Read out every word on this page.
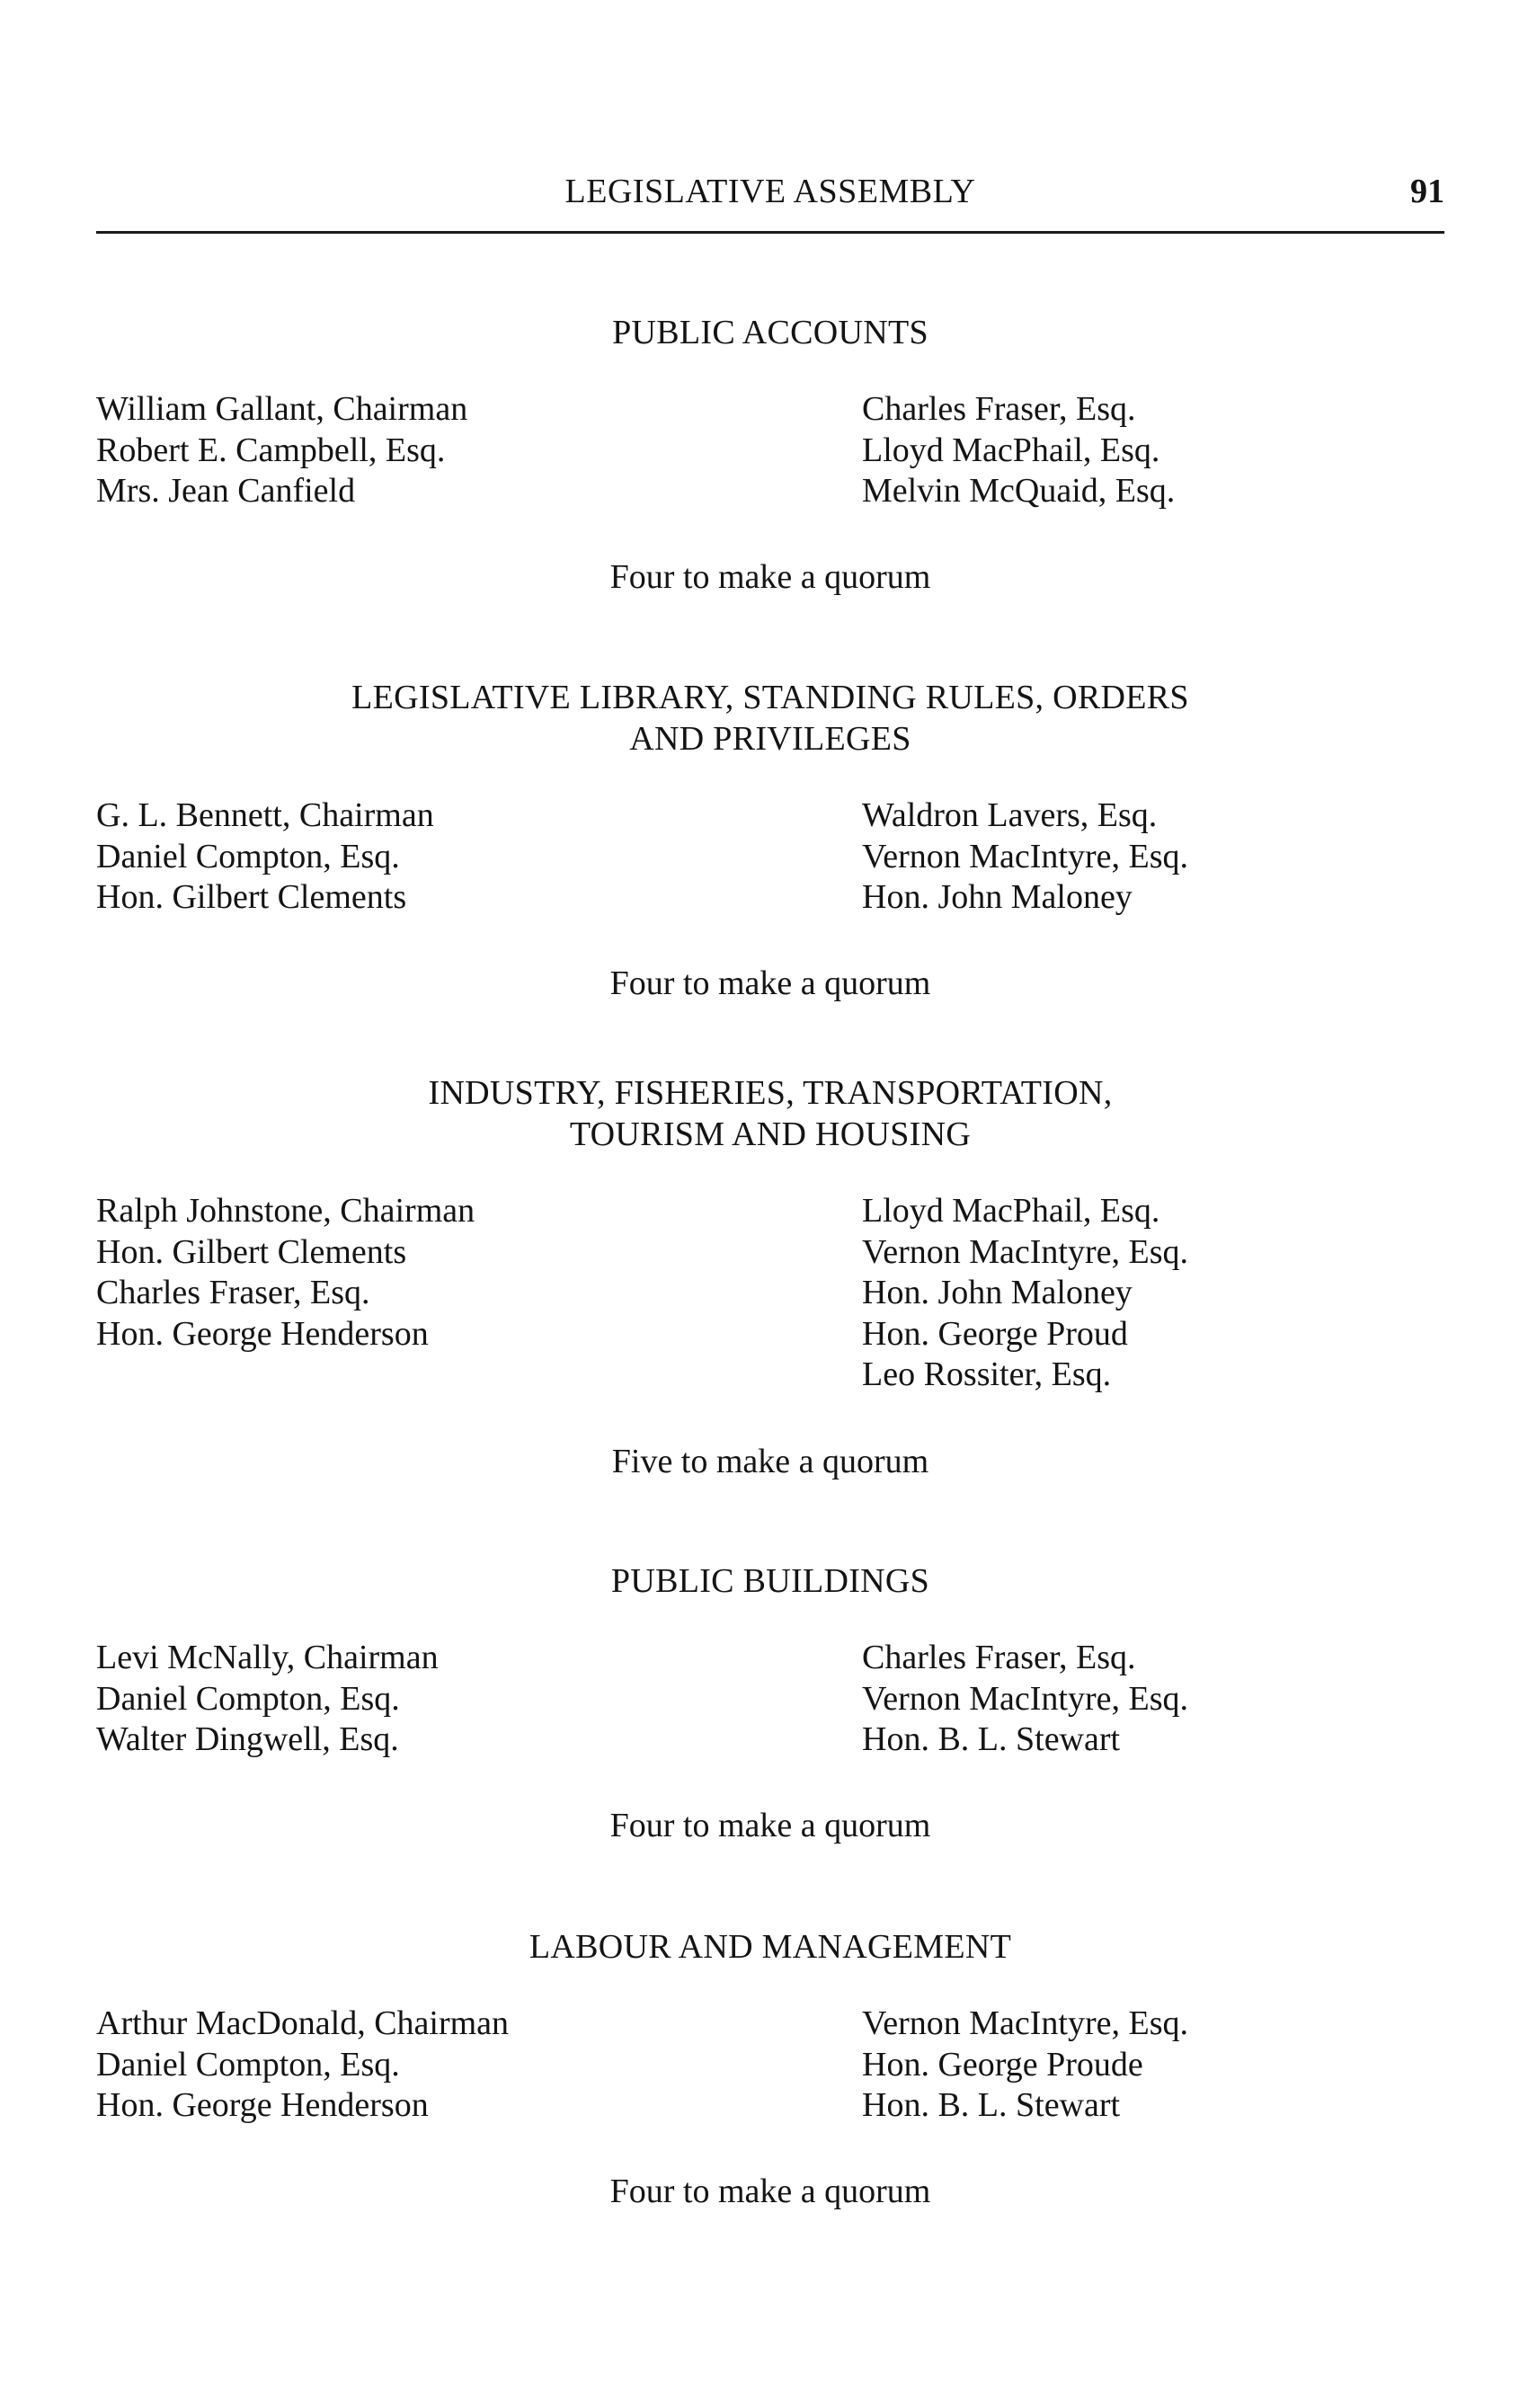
LEGISLATIVE ASSEMBLY	91
PUBLIC ACCOUNTS
William Gallant, Chairman
Robert E. Campbell, Esq.
Mrs. Jean Canfield
Charles Fraser, Esq.
Lloyd MacPhail, Esq.
Melvin McQuaid, Esq.
Four to make a quorum
LEGISLATIVE LIBRARY, STANDING RULES, ORDERS
AND PRIVILEGES
G. L. Bennett, Chairman
Daniel Compton, Esq.
Hon. Gilbert Clements
Waldron Lavers, Esq.
Vernon MacIntyre, Esq.
Hon. John Maloney
Four to make a quorum
INDUSTRY, FISHERIES, TRANSPORTATION,
TOURISM AND HOUSING
Ralph Johnstone, Chairman
Hon. Gilbert Clements
Charles Fraser, Esq.
Hon. George Henderson
Lloyd MacPhail, Esq.
Vernon MacIntyre, Esq.
Hon. John Maloney
Hon. George Proud
Leo Rossiter, Esq.
Five to make a quorum
PUBLIC BUILDINGS
Levi McNally, Chairman
Daniel Compton, Esq.
Walter Dingwell, Esq.
Charles Fraser, Esq.
Vernon MacIntyre, Esq.
Hon. B. L. Stewart
Four to make a quorum
LABOUR AND MANAGEMENT
Arthur MacDonald, Chairman
Daniel Compton, Esq.
Hon. George Henderson
Vernon MacIntyre, Esq.
Hon. George Proude
Hon. B. L. Stewart
Four to make a quorum
